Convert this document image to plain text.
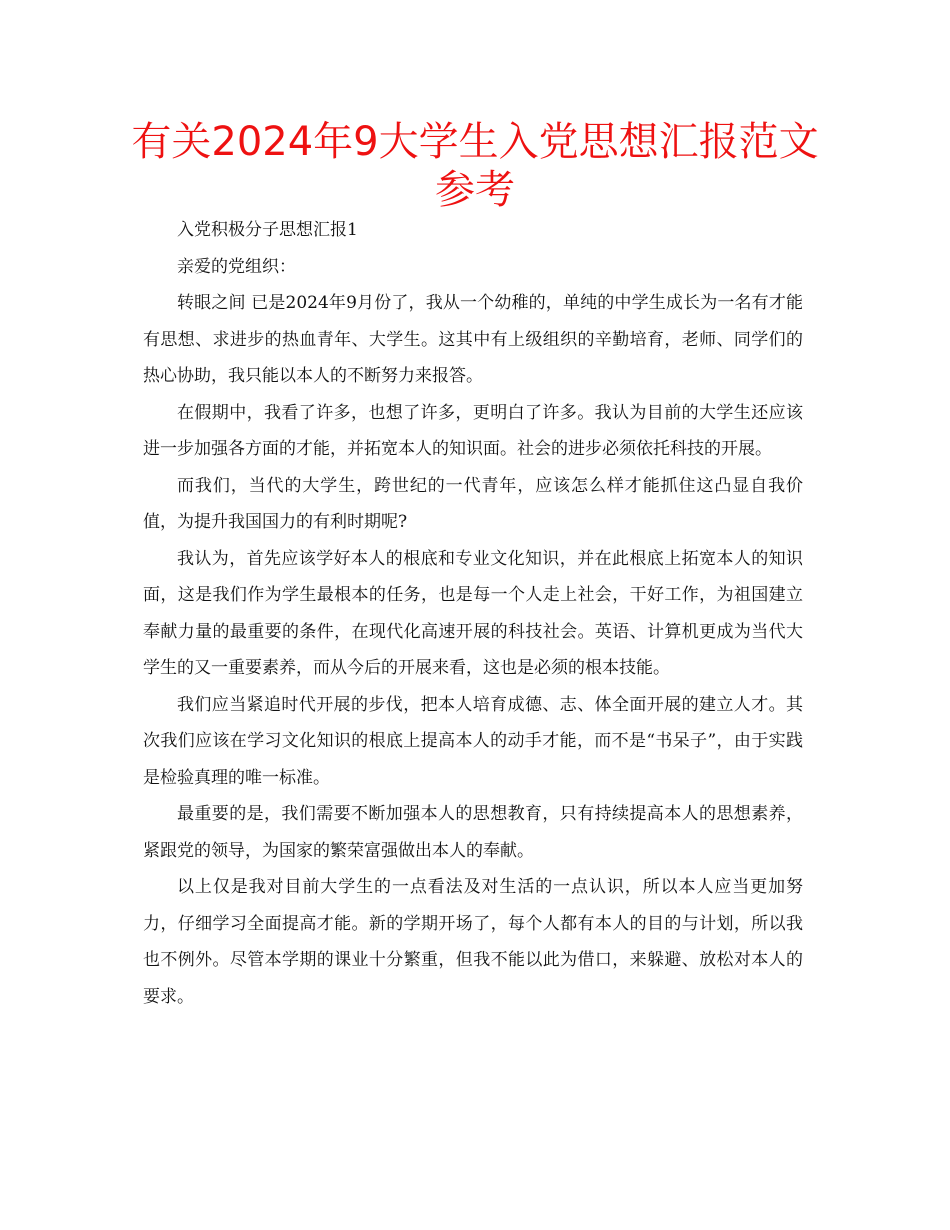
有关2024年9大学生入党思想汇报范文参考

入党积极分子思想汇报1

亲爱的党组织：

转眼之间 已是2024年9月份了，我从一个幼稚的，单纯的中学生成长为一名有才能有思想、求进步的热血青年、大学生。这其中有上级组织的辛勤培育，老师、同学们的热心协助，我只能以本人的不断努力来报答。

在假期中，我看了许多，也想了许多，更明白了许多。我认为目前的大学生还应该进一步加强各方面的才能，并拓宽本人的知识面。社会的进步必须依托科技的开展。

而我们，当代的大学生，跨世纪的一代青年，应该怎么样才能抓住这凸显自我价值，为提升我国国力的有利时期呢?

我认为，首先应该学好本人的根底和专业文化知识，并在此根底上拓宽本人的知识面，这是我们作为学生最根本的任务，也是每一个人走上社会，干好工作，为祖国建立奉献力量的最重要的条件，在现代化高速开展的科技社会。英语、计算机更成为当代大学生的又一重要素养，而从今后的开展来看，这也是必须的根本技能。

我们应当紧追时代开展的步伐，把本人培育成德、志、体全面开展的建立人才。其次我们应该在学习文化知识的根底上提高本人的动手才能，而不是“书呆子”，由于实践是检验真理的唯一标准。

最重要的是，我们需要不断加强本人的思想教育，只有持续提高本人的思想素养，紧跟党的领导，为国家的繁荣富强做出本人的奉献。

以上仅是我对目前大学生的一点看法及对生活的一点认识，所以本人应当更加努力，仔细学习全面提高才能。新的学期开场了，每个人都有本人的目的与计划，所以我也不例外。尽管本学期的课业十分繁重，但我不能以此为借口，来躲避、放松对本人的要求。
